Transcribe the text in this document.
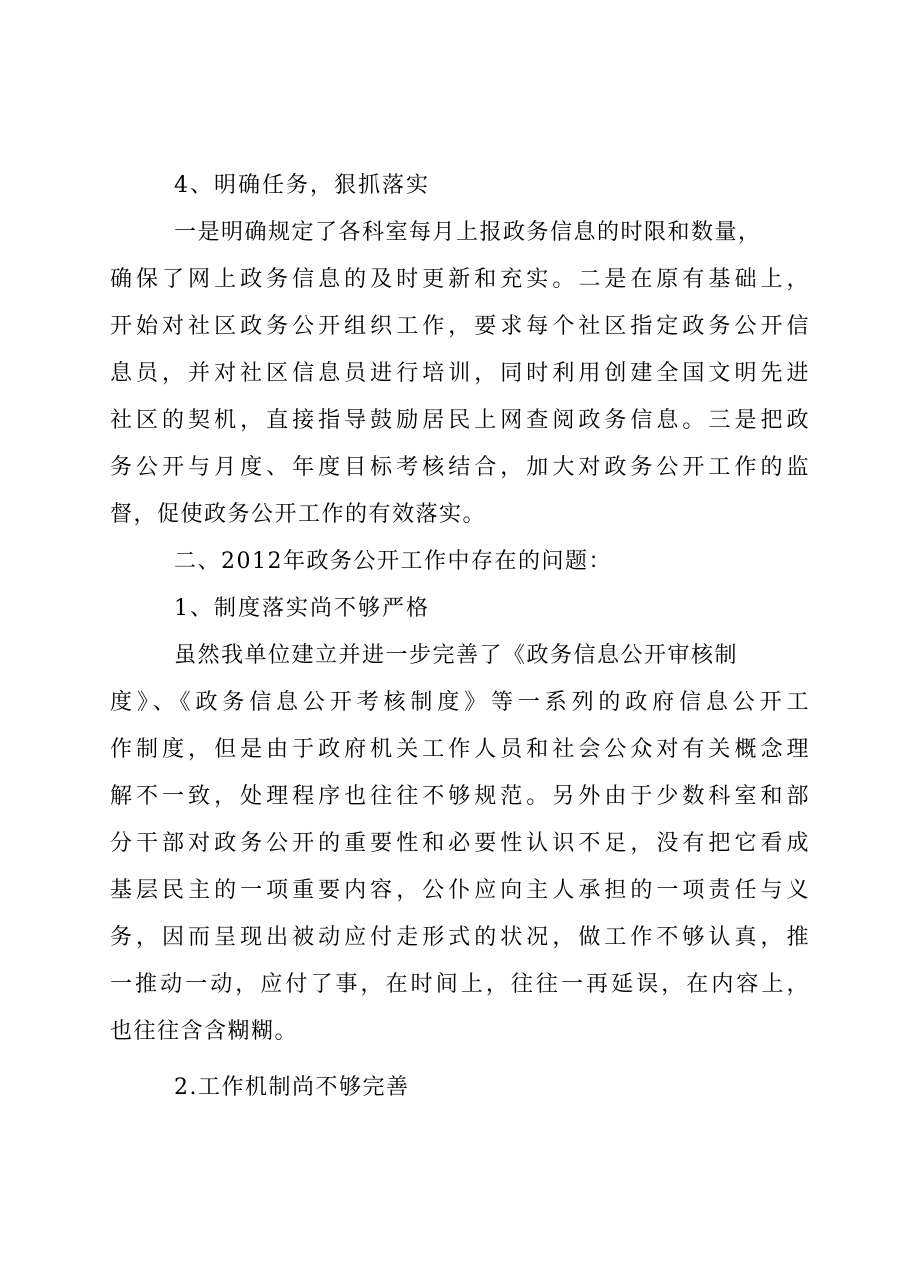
4、明确任务，狠抓落实
一是明确规定了各科室每月上报政务信息的时限和数量，
确保了网上政务信息的及时更新和充实。二是在原有基础上，
开始对社区政务公开组织工作，要求每个社区指定政务公开信
息员，并对社区信息员进行培训，同时利用创建全国文明先进
社区的契机，直接指导鼓励居民上网查阅政务信息。三是把政
务公开与月度、年度目标考核结合，加大对政务公开工作的监
督，促使政务公开工作的有效落实。
二、2012年政务公开工作中存在的问题：
1、制度落实尚不够严格
虽然我单位建立并进一步完善了《政务信息公开审核制
度》、《政务信息公开考核制度》等一系列的政府信息公开工
作制度，但是由于政府机关工作人员和社会公众对有关概念理
解不一致，处理程序也往往不够规范。另外由于少数科室和部
分干部对政务公开的重要性和必要性认识不足，没有把它看成
基层民主的一项重要内容，公仆应向主人承担的一项责任与义
务，因而呈现出被动应付走形式的状况，做工作不够认真，推
一推动一动，应付了事，在时间上，往往一再延误，在内容上，
也往往含含糊糊。
2.工作机制尚不够完善
